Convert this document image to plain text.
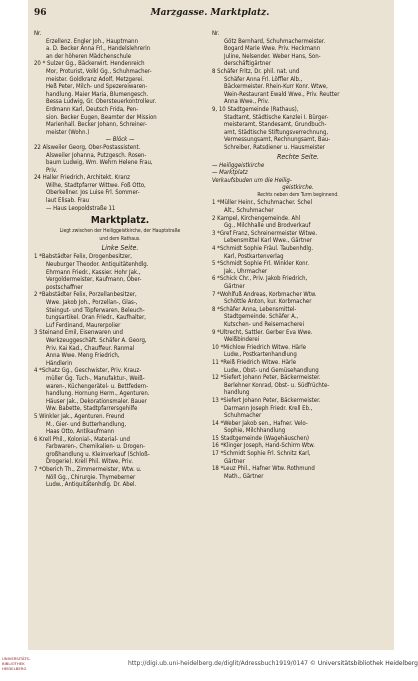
96	Marzgasse. Marktplatz.
Nr.
Erzellenz. Engler Joh., Hauptmann
a. D. Becker Anna Frl., Handelslehrerin
an der höheren Mädchenschule
20 * Sulzer Gg., Bäckerwirt. Hendenreich
Mor, Proturist, Volkl Gg., Schuhmacher-
meister. Goldkranz Adolf, Metzgerei.
Heß Peter, Milch- und Spezereiwaren-
handlung. Maier Maria, Blumengesch.
Bessa Ludwig, Gr. Obersteuerkontrolleur.
Erdmann Karl, Deutsch Frida, Pen-
sion. Becker Eugen, Beamter der Mission
Marienhall. Becker Johann, Schreiner-
meister (Wohn.)
— Blöck —
22 Alsweiler Georg, Ober-Postassistent.
Alsweiler Johanna, Putzgesch. Rosen-
baum Ludwig, Wm. Wehrn Helene Frau,
Priv.
24 Haller Friedrich, Architekt. Kranz
Wilhe, Stadtpfarrer Wittwe. Foß Otto,
Oberkellner. Jos Luise Frl. Sommer-
laut Elisab. Frau
— Haus Leopoldstraße 11
Marktplatz.
Liegt zwischen der Heiliggeistkirche, der Hauptstraße
und dem Rathaus.
Linke Seite.
1 *Babstädter Felix, Drogenbesitzer,
Neuburger Theodor. Antiquitätenhdlg.
Ehrmann Friedr., Kassier. Hohr Jak.,
Vergoldermeister, Kaufmann, Ober-
postschaffner
2 *Babstädter Felix, Porzellanbesitzer,
Wwe. Jakob Joh., Porzellan-, Glas-,
Steingut- und Töpferwaren, Beleuch-
tungsartikel. Oran Friedr., Kaufhalter,
Luf Ferdinand, Maurerpolier
3 Steinand Emil, Eisenwaren und
Werkzeuggeschäft. Schäfer A. Georg,
Priv. Kai Kad., Chauffeur. Ranmal
Anna Wwe. Meng Friedrich,
Händlerin
4 *Schatz Gg., Geschwister, Priv. Krauz-
müller Gg. Tuch-, Manufaktur-, Weiß-
waren-, Küchengerätel- u. Bettfedern-
handlung. Hornung Herm., Agenturen.
Häuser Jak., Dekorationsmaler. Bauer
Ww. Babette, Stadtpfarrersgehilfe
5 Winkler Jak., Agenturen. Freund
M., Gier- und Butterhandlung,
Haas Otto, Antikaufmann
6 Krell Phil., Kolonial-, Material- und
Farbwaren-, Chemikalien- u. Drogen-
großhandlung u. Kleinverkauf (Schloß-
Drogerie). Krell Phil. Witwe, Priv.
7 *Oberich Th., Zimmermeister, Wtw. u.
Nöll Gg., Chirurgie. Thymeberner
Ludw., Antiquitätenhdlg. Dr. Abel.
Nr.
Götz Bernhard, Schuhmachermeister.
Bogard Marie Wwe. Priv. Heckmann
Juline, Nelsender. Weber Hans, Son-
derschäftigärtner
8 Schäfer Fritz, Dr. phil. nat. und
Schäfer Anna Frl. Löffler Alb.,
Bäckermeister. Rhein-Kurr Konr. Wtwe,
Wein-Restaurant Ewald Wwe., Priv. Reutter
Anna Wwe., Priv.
9, 10 Stadtgemeinde (Rathaus),
Stadtamt, Städtische Kanzlei I. Bürger-
meisteramt, Standesamt, Grundbuch-
amt, Städtische Stiftungsverrechnung,
Vermessungsamt, Rechnungsamt, Bau-
Schreiber, Ratsdiener u. Hausmeister
Rechte Seite.
— Heiliggeistkirche
— Marktplatz
Verkaufsbuden um die Heilig-
geistkirche.
Rechts neben dem Turm beginnend.
1 *Müller Heinr., Schuhmacher. Schel
Alt., Schuhmacher
2 Kampel, Kirchengemeinde. Ahl
Gg., Milchhalle und Brodverkauf
3 *Gref Franz, Schreinermeister Witwe.
Lebensmittel Karl Wwe., Gärtner
4 *Schmidt Sophie Fräul. Taubenhdlg.
Karl, Postkartenverlag
5 *Schmidt Sophie Frl. Winkler Konr.
Jak., Uhrmacher
6 *Schick Chr., Priv. Jakob Friedrich,
Gärtner
7 *Wohlfuß Andreas, Korbmacher Wtw.
Schöttle Anton, kur. Korbmacher
8 *Schäfer Anna, Lebensmittel-
Stadtgemeinde. Schäfer A.,
Kutschen- und Reisemacherei
9 *Ultrecht, Sattler. Gerber Eva Wwe.
Weißbinderei
10 *Michlow Friedrich Witwe. Härle
Ludw., Postkartenhandlung
11 *Reiß Friedrich Witwe. Härle
Ludw., Obst- und Gemüsehandlung
12 *Siefert Johann Peter, Bäckermeister.
Berlehner Konrad, Obst- u. Südfrüchte-
handlung
13 *Siefert Johann Peter, Bäckermeister.
Darmann Joseph Friedr. Krell Eb.,
Schuhmacher
14 *Weber Jakob sen., Hafner. Velo-
Sophie, Milchhandlung
15 Stadtgemeinde (Wagehäuschen)
16 *Klinger Joseph, Hand-Schirm Wtw.
17 *Schmidt Sophie Frl. Schnitz Karl,
Gärtner
18 *Leuz Phil., Hafner Wtw. Rothmund
Math., Gärtner
http://digi.ub.uni-heidelberg.de/diglit/Adressbuch1919/0147 © Universitätsbibliothek Heidelberg
UNIVERSITÄTS-
BIBLIOTHEK
HEIDELBERG
